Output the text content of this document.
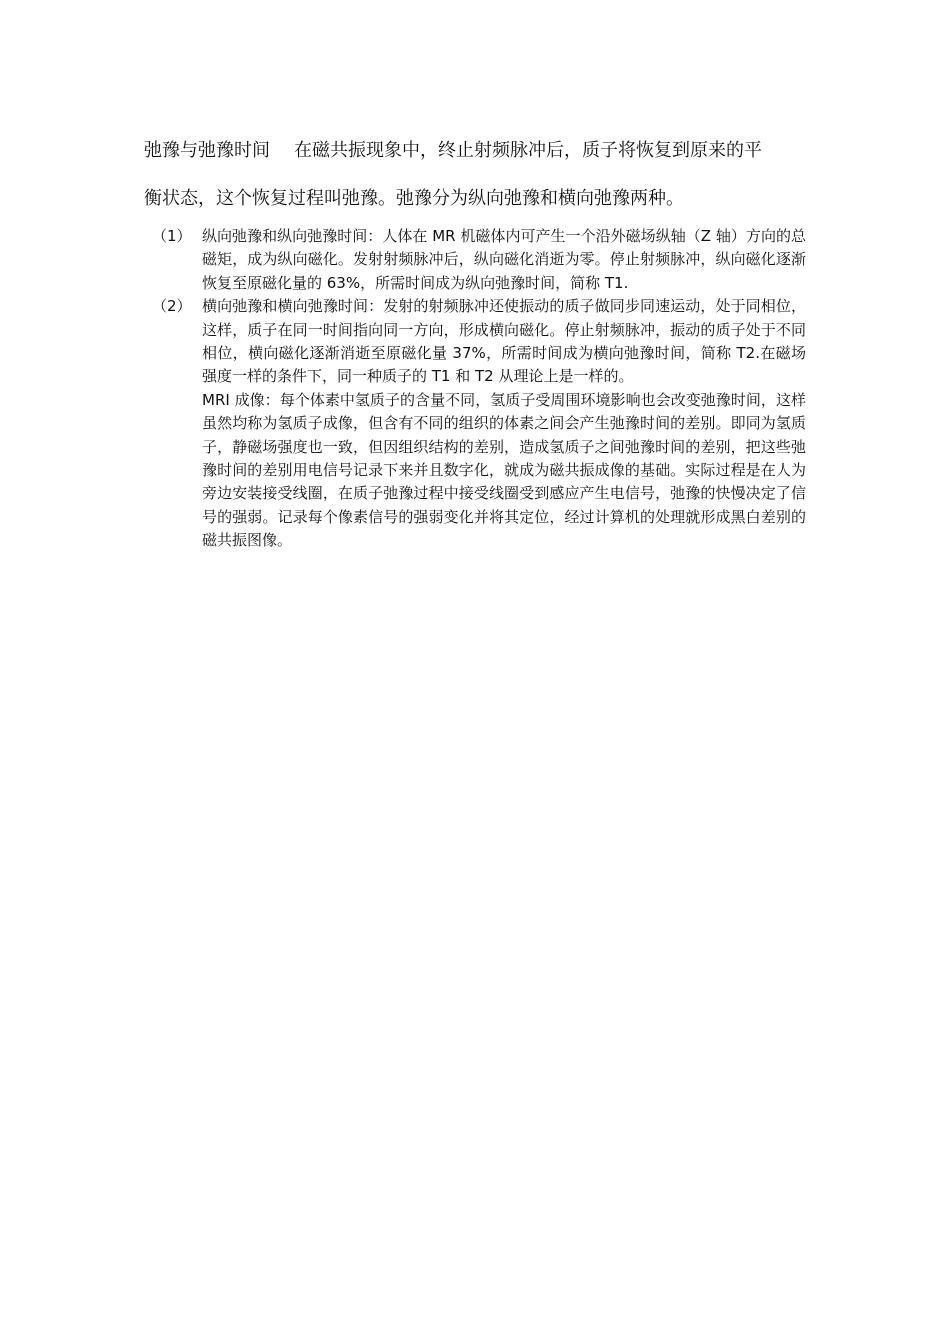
弛豫与弛豫时间 在磁共振现象中，终止射频脉冲后，质子将恢复到原来的平
衡状态，这个恢复过程叫弛豫。弛豫分为纵向弛豫和横向弛豫两种。
（1） 纵向弛豫和纵向弛豫时间：人体在 MR 机磁体内可产生一个沿外磁场纵轴（Z 轴）方向的总磁矩，成为纵向磁化。发射射频脉冲后，纵向磁化消逝为零。停止射频脉冲，纵向磁化逐渐恢复至原磁化量的 63%，所需时间成为纵向弛豫时间，简称 T1.
（2） 横向弛豫和横向弛豫时间：发射的射频脉冲还使振动的质子做同步同速运动，处于同相位，这样，质子在同一时间指向同一方向，形成横向磁化。停止射频脉冲，振动的质子处于不同相位，横向磁化逐渐消逝至原磁化量 37%，所需时间成为横向弛豫时间，简称 T2.在磁场强度一样的条件下，同一种质子的 T1 和 T2 从理论上是一样的。
MRI 成像：每个体素中氢质子的含量不同，氢质子受周围环境影响也会改变弛豫时间，这样虽然均称为氢质子成像，但含有不同的组织的体素之间会产生弛豫时间的差别。即同为氢质子，静磁场强度也一致，但因组织结构的差别，造成氢质子之间弛豫时间的差别，把这些弛豫时间的差别用电信号记录下来并且数字化，就成为磁共振成像的基础。实际过程是在人为旁边安装接受线圈，在质子弛豫过程中接受线圈受到感应产生电信号，弛豫的快慢决定了信号的强弱。记录每个像素信号的强弱变化并将其定位，经过计算机的处理就形成黑白差别的磁共振图像。
